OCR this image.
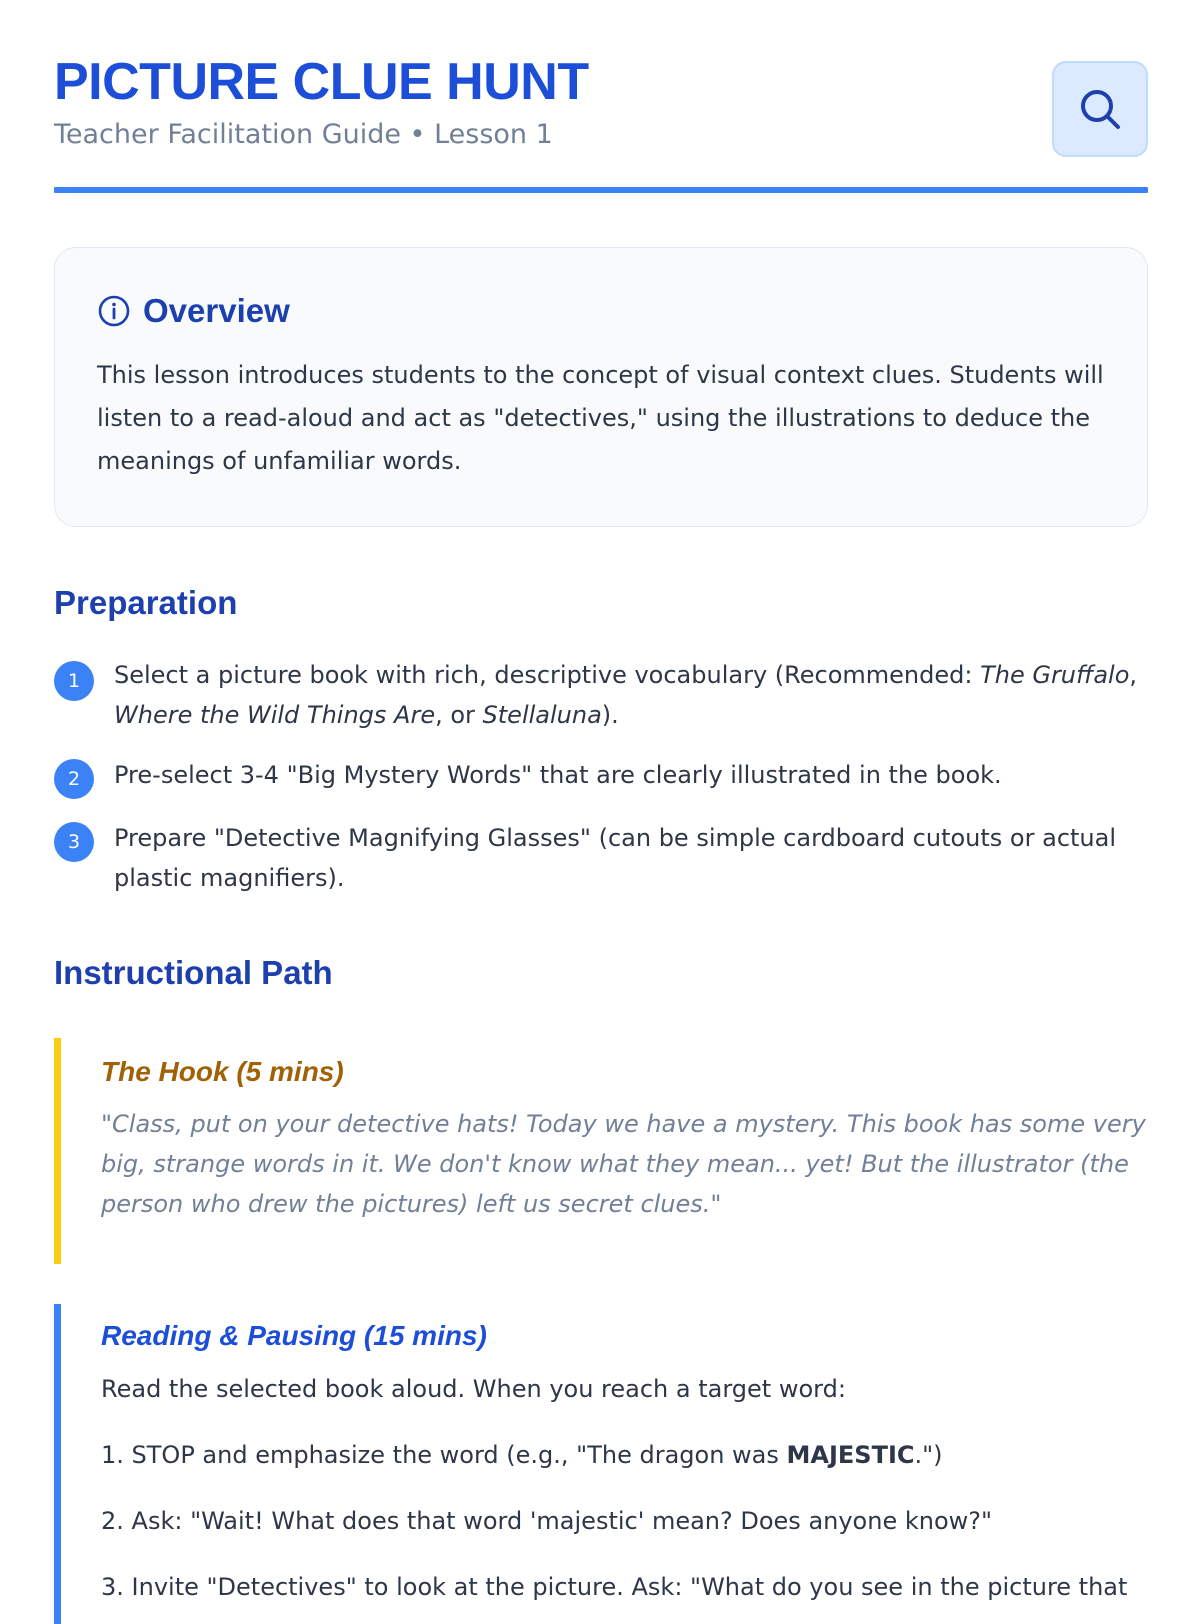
PICTURE CLUE HUNT
Teacher Facilitation Guide • Lesson 1
Overview
This lesson introduces students to the concept of visual context clues. Students will listen to a read-aloud and act as "detectives," using the illustrations to deduce the meanings of unfamiliar words.
Preparation
1	Select a picture book with rich, descriptive vocabulary (Recommended: The Gruffalo, Where the Wild Things Are, or Stellaluna).
2	Pre-select 3-4 "Big Mystery Words" that are clearly illustrated in the book.
3	Prepare "Detective Magnifying Glasses" (can be simple cardboard cutouts or actual plastic magnifiers).
Instructional Path
The Hook (5 mins)
"Class, put on your detective hats! Today we have a mystery. This book has some very big, strange words in it. We don't know what they mean... yet! But the illustrator (the person who drew the pictures) left us secret clues."
Reading & Pausing (15 mins)
Read the selected book aloud. When you reach a target word:
1. STOP and emphasize the word (e.g., "The dragon was MAJESTIC.")
2. Ask: "Wait! What does that word 'majestic' mean? Does anyone know?"
3. Invite "Detectives" to look at the picture. Ask: "What do you see in the picture that
